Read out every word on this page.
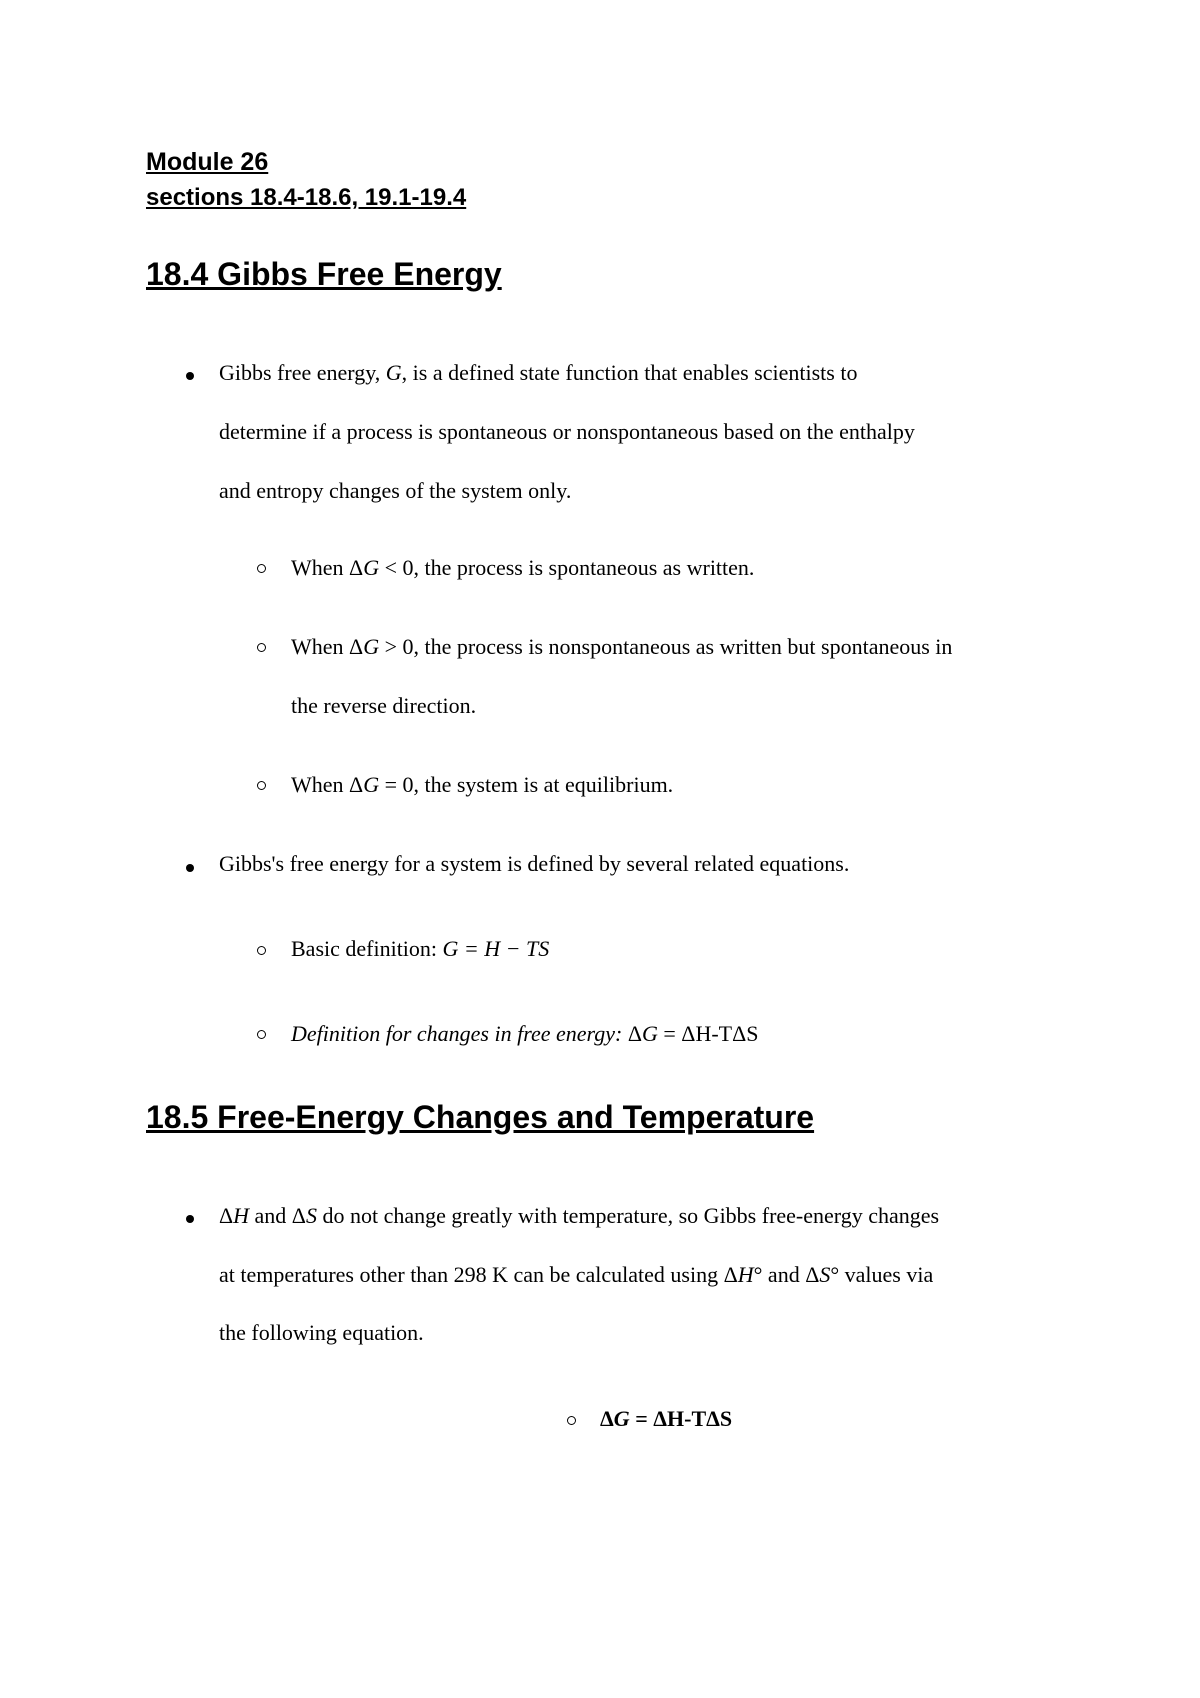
Module 26
sections 18.4-18.6, 19.1-19.4
18.4 Gibbs Free Energy
Gibbs free energy, G, is a defined state function that enables scientists to
determine if a process is spontaneous or nonspontaneous based on the enthalpy
and entropy changes of the system only.
When ΔG < 0, the process is spontaneous as written.
When ΔG > 0, the process is nonspontaneous as written but spontaneous in
the reverse direction.
When ΔG = 0, the system is at equilibrium.
Gibbs's free energy for a system is defined by several related equations.
Basic definition: G = H − TS
Definition for changes in free energy: ΔG = ΔH-TΔS
18.5 Free-Energy Changes and Temperature
ΔH and ΔS do not change greatly with temperature, so Gibbs free-energy changes
at temperatures other than 298 K can be calculated using ΔH° and ΔS° values via
the following equation.
ΔG = ΔH-TΔS
